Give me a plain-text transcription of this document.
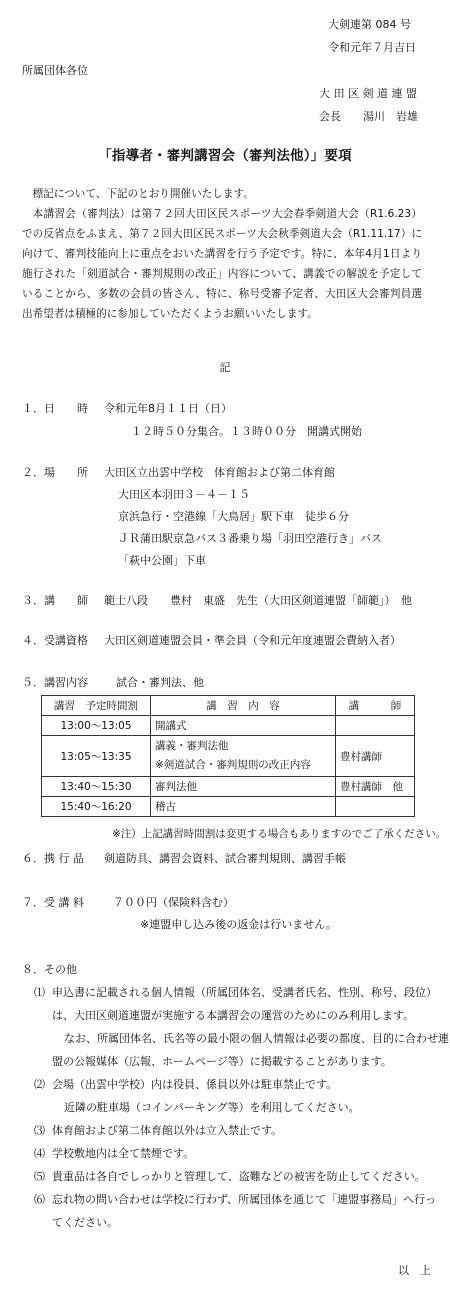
大剣連第 084 号
令和元年７月吉日
所属団体各位
大 田 区 剣 道 連 盟
会長 湯川　岩雄
「指導者・審判講習会（審判法他）」要項

標記について、下記のとおり開催いたします。

本講習会（審判法）は第７２回大田区民スポーツ大会春季剣道大会（R1.6.23）での反省点をふまえ、第７２回大田区民スポーツ大会秋季剣道大会（R1.11.17）に向けて、審判技能向上に重点をおいた講習を行う予定です。特に、本年4月1日より施行された「剣道試合・審判規則の改正」内容について、講義での解説を予定していることから、多数の会員の皆さん、特に、称号受審予定者、大田区大会審判員選出希望者は積極的に参加していただくようお願いいたします。

記
１．日　　時 令和元年8月１１日（日）
１２時５０分集合。１３時００分　開講式開始
２．場　　所 大田区立出雲中学校　体育館および第二体育館
大田区本羽田３－４－１５
京浜急行・空港線「大鳥居」駅下車　徒歩６分
ＪＲ蒲田駅京急バス３番乗り場「羽田空港行き」バス
「萩中公園」下車
３．講　　師 範士八段　　豊村　東盛　先生（大田区剣道連盟「師範」）　他
４．受講資格 大田区剣道連盟会員・準会員（令和元年度連盟会費納入者）
５．講習内容	試合・審判法、他
講習　予定時間割	講　習　内　容	講　　　師
13:00～13:05	開講式	
13:05～13:35	講義・審判法他
※剣道試合・審判規則の改正内容	豊村講師
13:40～15:30	審判法他	豊村講師　他
15:40～16:20	稽古	
※注）上記講習時間割は変更する場合もありますのでご了承ください。
６．携 行 品 剣道防具、講習会資料、試合審判規則、講習手帳
７．受 講 料	７００円（保険料含む）
※連盟申し込み後の返金は行いません。
８．その他
⑴ 申込書に記載される個人情報（所属団体名、受講者氏名、性別、称号、段位）
は、大田区剣道連盟が実施する本講習会の運営のためにのみ利用します。
なお、所属団体名、氏名等の最小限の個人情報は必要の都度、目的に合わせ連
盟の公報媒体（広報、ホームページ等）に掲載することがあります。
⑵ 会場（出雲中学校）内は役員、係員以外は駐車禁止です。
近隣の駐車場（コインパーキング等）を利用してください。
⑶ 体育館および第二体育館以外は立入禁止です。
⑷ 学校敷地内は全て禁煙です。
⑸ 貴重品は各自でしっかりと管理して、盗難などの被害を防止してください。
⑹ 忘れ物の問い合わせは学校に行わず、所属団体を通じて「連盟事務局」へ行っ
てください。
以　上
